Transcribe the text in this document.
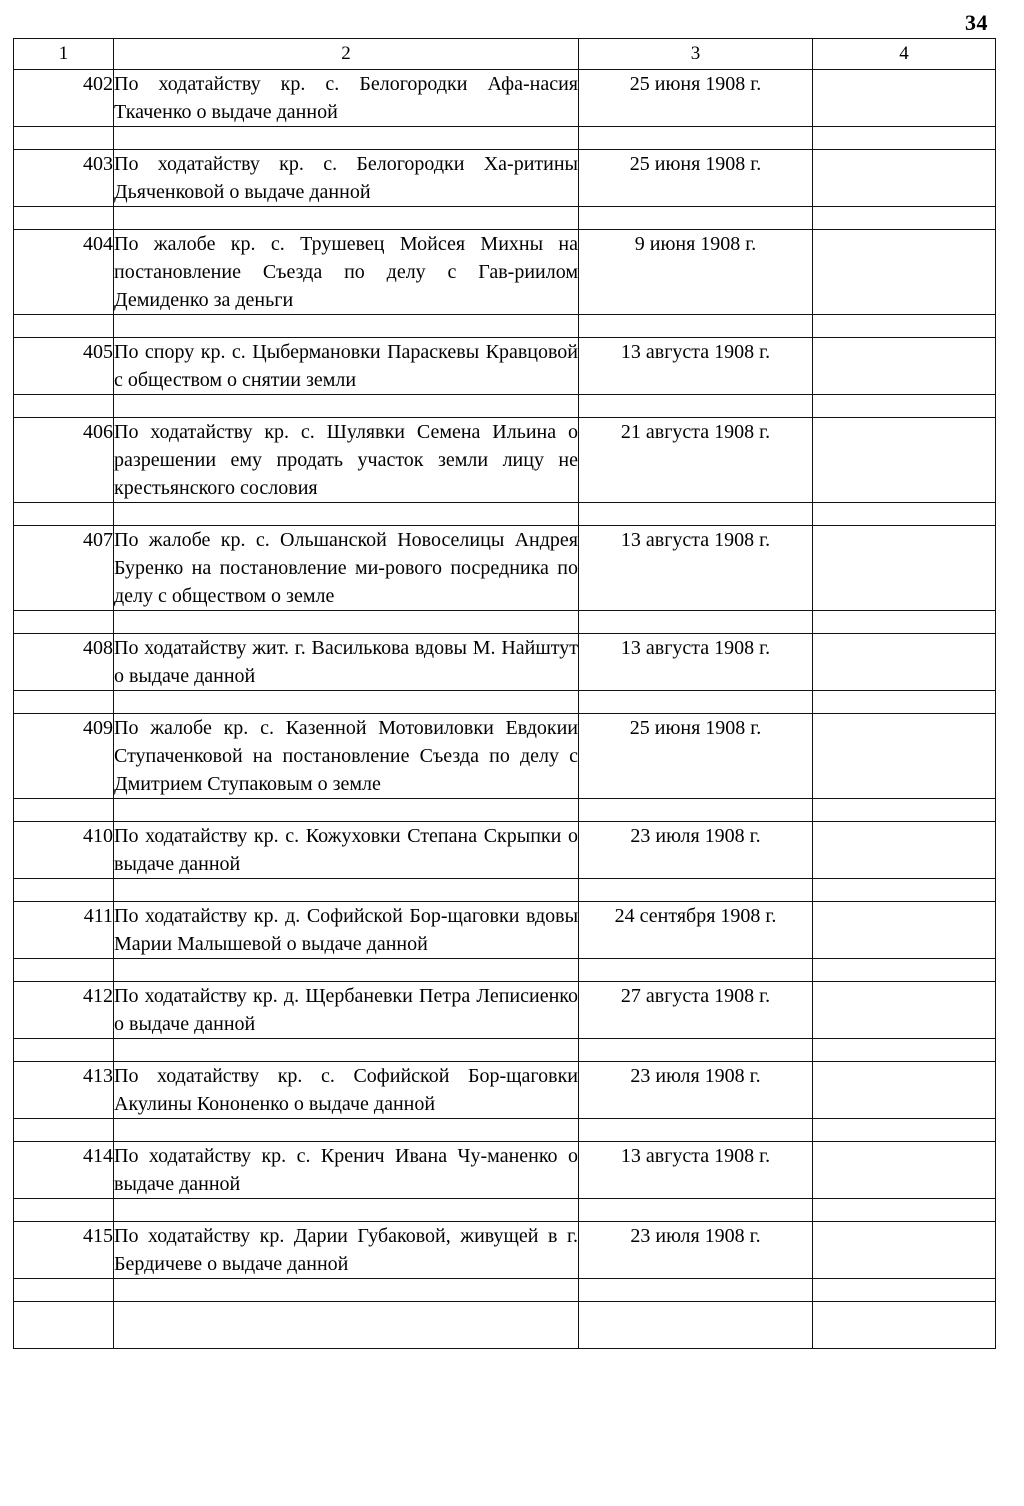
34
1	2	3	4
402	По ходатайству кр. с. Белогородки Афа-насия Ткаченко о выдаче данной	25 июня 1908 г.	

403	По ходатайству кр. с. Белогородки Ха-ритины Дьяченковой о выдаче данной	25 июня 1908 г.	

404	По жалобе кр. с. Трушевец Мойсея Михны на постановление Съезда по делу с Гав-риилом Демиденко за деньги	9 июня 1908 г.	

405	По спору кр. с. Цыбермановки Параскевы Кравцовой с обществом о снятии земли	13 августа 1908 г.	

406	По ходатайству кр. с. Шулявки Семена Ильина о разрешении ему продать участок земли лицу не крестьянского сословия	21 августа 1908 г.	

407	По жалобе кр. с. Ольшанской Новоселицы Андрея Буренко на постановление ми-рового посредника по делу с обществом о земле	13 августа 1908 г.	

408	По ходатайству жит. г. Василькова вдовы М. Найштут о выдаче данной	13 августа 1908 г.	

409	По жалобе кр. с. Казенной Мотовиловки Евдокии Ступаченковой на постановление Съезда по делу с Дмитрием Ступаковым о земле	25 июня 1908 г.	

410	По ходатайству кр. с. Кожуховки Степана Скрыпки о выдаче данной	23 июля 1908 г.	

411	По ходатайству кр. д. Софийской Бор-щаговки вдовы Марии Малышевой о выдаче данной	24 сентября 1908 г.	

412	По ходатайству кр. д. Щербаневки Петра Леписиенко о выдаче данной	27 августа 1908 г.	

413	По ходатайству кр. с. Софийской Бор-щаговки Акулины Кононенко о выдаче данной	23 июля 1908 г.	

414	По ходатайству кр. с. Кренич Ивана Чу-маненко о выдаче данной	13 августа 1908 г.	

415	По ходатайству кр. Дарии Губаковой, живущей в г. Бердичеве о выдаче данной	23 июля 1908 г.	
